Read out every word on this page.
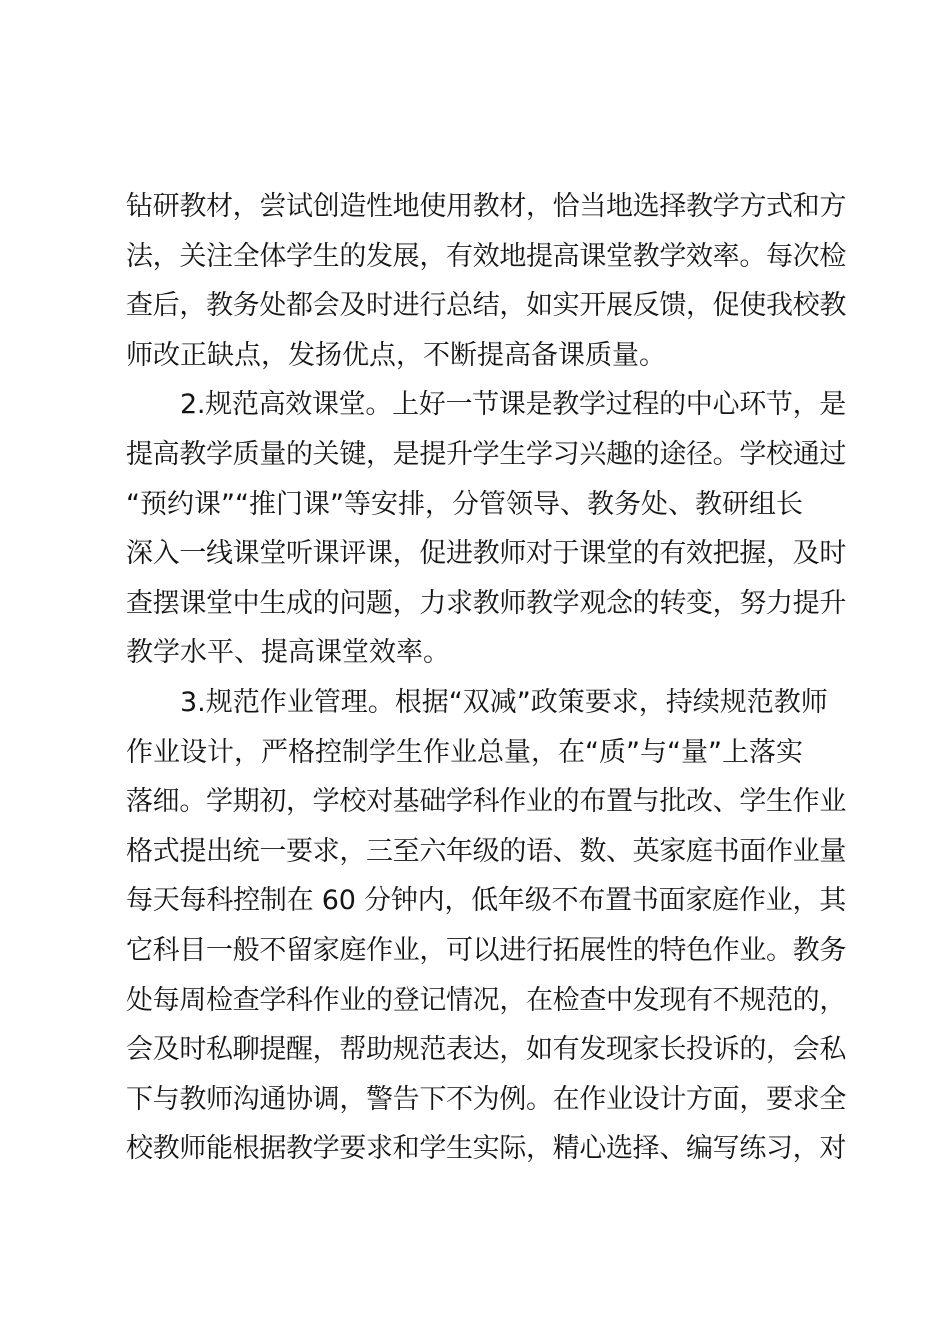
钻研教材，尝试创造性地使用教材，恰当地选择教学方式和方
法，关注全体学生的发展，有效地提高课堂教学效率。每次检
查后，教务处都会及时进行总结，如实开展反馈，促使我校教
师改正缺点，发扬优点，不断提高备课质量。
2.规范高效课堂。上好一节课是教学过程的中心环节，是
提高教学质量的关键，是提升学生学习兴趣的途径。学校通过
“预约课”“推门课”等安排，分管领导、教务处、教研组长
深入一线课堂听课评课，促进教师对于课堂的有效把握，及时
查摆课堂中生成的问题，力求教师教学观念的转变，努力提升
教学水平、提高课堂效率。
3.规范作业管理。根据“双减”政策要求，持续规范教师
作业设计，严格控制学生作业总量，在“质”与“量”上落实
落细。学期初，学校对基础学科作业的布置与批改、学生作业
格式提出统一要求，三至六年级的语、数、英家庭书面作业量
每天每科控制在 60 分钟内，低年级不布置书面家庭作业，其
它科目一般不留家庭作业，可以进行拓展性的特色作业。教务
处每周检查学科作业的登记情况，在检查中发现有不规范的，
会及时私聊提醒，帮助规范表达，如有发现家长投诉的，会私
下与教师沟通协调，警告下不为例。在作业设计方面，要求全
校教师能根据教学要求和学生实际，精心选择、编写练习，对
